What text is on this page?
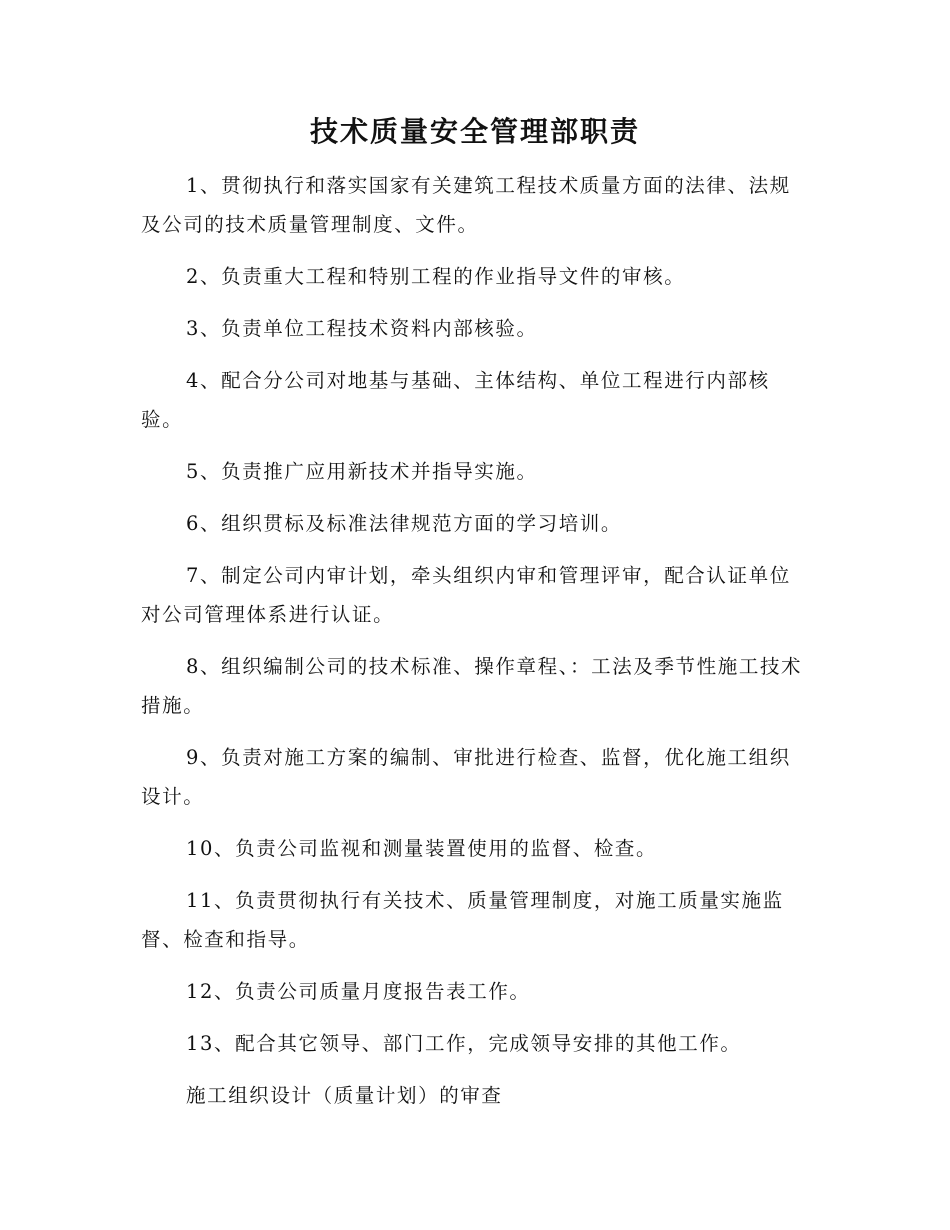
技术质量安全管理部职责

1、贯彻执行和落实国家有关建筑工程技术质量方面的法律、法规及公司的技术质量管理制度、文件。

2、负责重大工程和特别工程的作业指导文件的审核。

3、负责单位工程技术资料内部核验。

4、配合分公司对地基与基础、主体结构、单位工程进行内部核验。

5、负责推广应用新技术并指导实施。

6、组织贯标及标准法律规范方面的学习培训。

7、制定公司内审计划，牵头组织内审和管理评审，配合认证单位对公司管理体系进行认证。

8、组织编制公司的技术标准、操作章程、：工法及季节性施工技术措施。

9、负责对施工方案的编制、审批进行检查、监督，优化施工组织设计。

10、负责公司监视和测量装置使用的监督、检查。

11、负责贯彻执行有关技术、质量管理制度，对施工质量实施监督、检查和指导。

12、负责公司质量月度报告表工作。

13、配合其它领导、部门工作，完成领导安排的其他工作。

施工组织设计（质量计划）的审查
